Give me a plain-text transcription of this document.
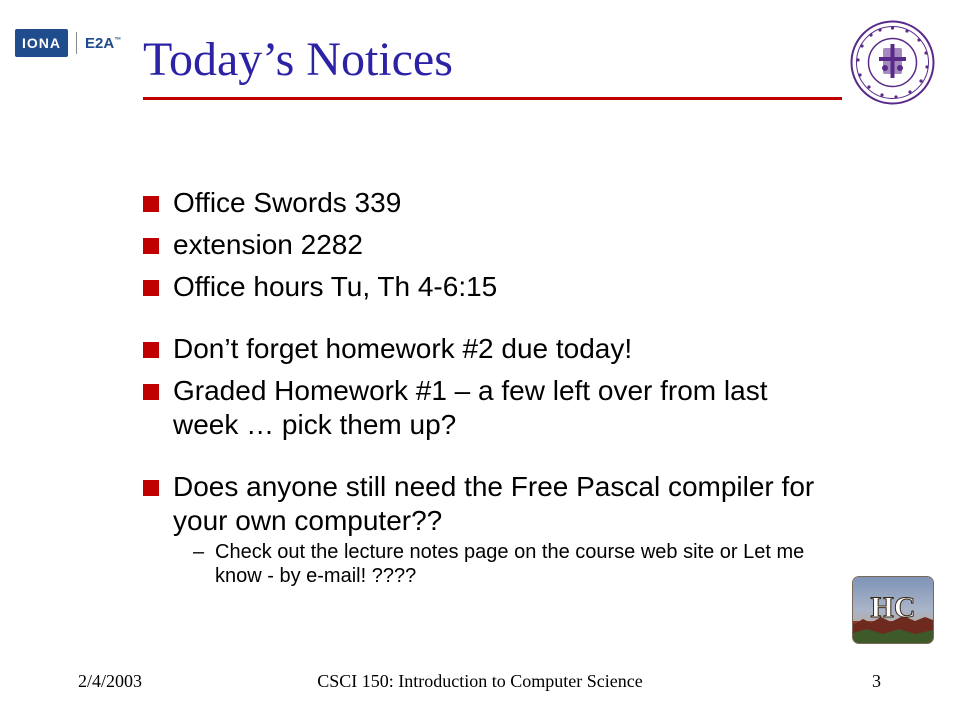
IONA	E2A™ Today’s Notices
Office Swords 339
extension 2282
Office hours Tu, Th 4-6:15
Don’t forget homework #2 due today!
Graded Homework #1 – a few left over from last week … pick them up?
Does anyone still need the Free Pascal compiler for your own computer??
– Check out the lecture notes page on the course web site or Let me know - by e-mail! ????
HC
2/4/2003	CSCI 150: Introduction to Computer Science	3
